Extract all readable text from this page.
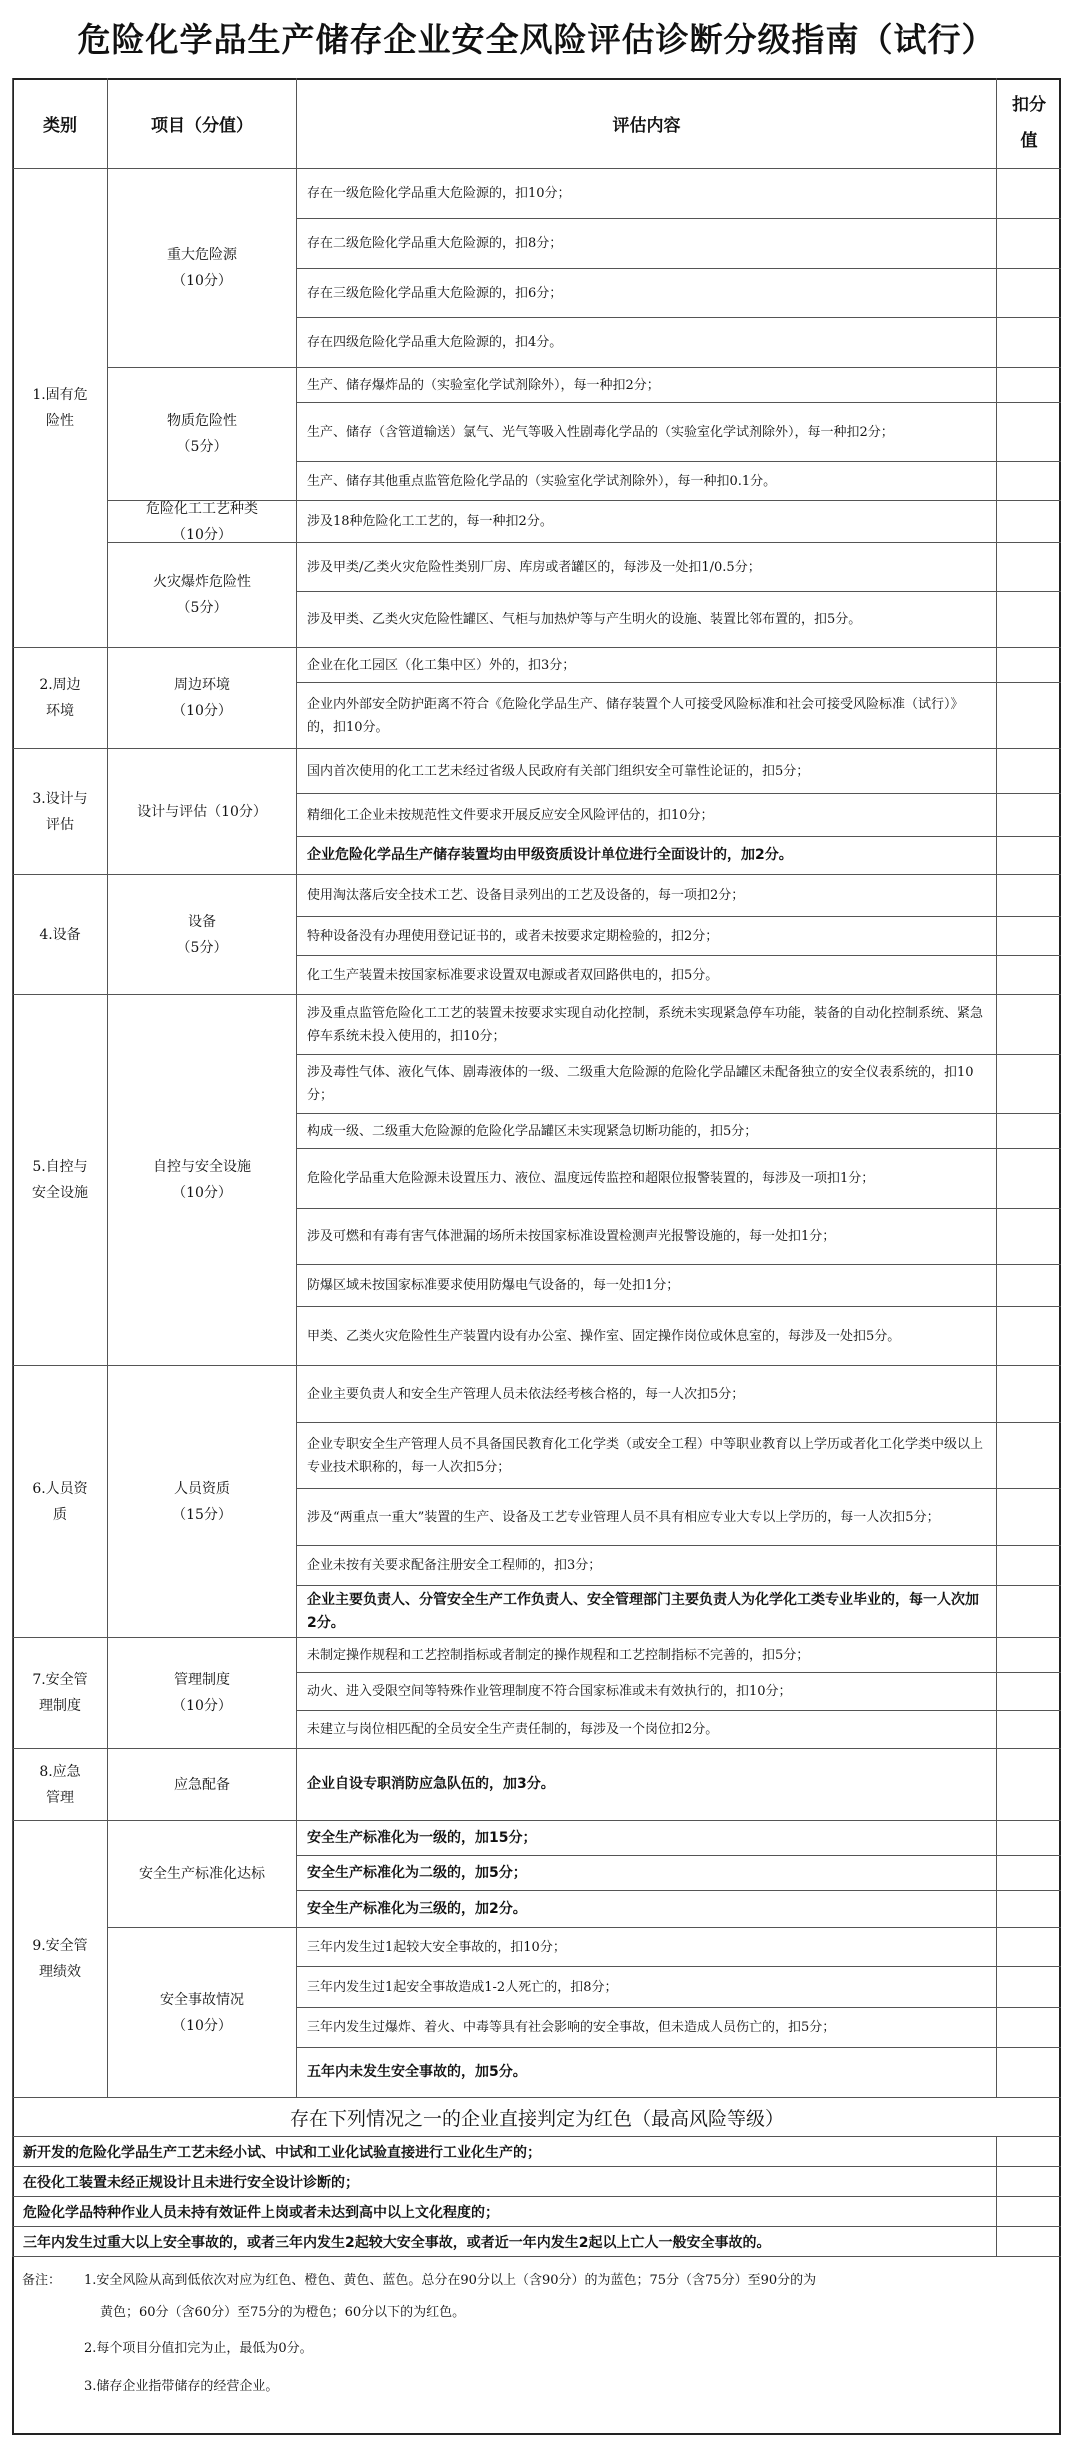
危险化学品生产储存企业安全风险评估诊断分级指南（试行）
类别	项目（分值）	评估内容
扣分
值
存在一级危险化学品重大危险源的，扣10分；
存在二级危险化学品重大危险源的，扣8分；
存在三级危险化学品重大危险源的，扣6分；
存在四级危险化学品重大危险源的，扣4分。
生产、储存爆炸品的（实验室化学试剂除外），每一种扣2分；
生产、储存（含管道输送）氯气、光气等吸入性剧毒化学品的（实验室化学试剂除外），每一种扣2分；
生产、储存其他重点监管危险化学品的（实验室化学试剂除外），每一种扣0.1分。
涉及18种危险化工工艺的，每一种扣2分。
涉及甲类/乙类火灾危险性类别厂房、库房或者罐区的，每涉及一处扣1/0.5分；
涉及甲类、乙类火灾危险性罐区、气柜与加热炉等与产生明火的设施、装置比邻布置的，扣5分。
企业在化工园区（化工集中区）外的，扣3分；
企业内外部安全防护距离不符合《危险化学品生产、储存装置个人可接受风险标准和社会可接受风险标准（试行）》的，扣10分。
国内首次使用的化工工艺未经过省级人民政府有关部门组织安全可靠性论证的，扣5分；
精细化工企业未按规范性文件要求开展反应安全风险评估的，扣10分；
企业危险化学品生产储存装置均由甲级资质设计单位进行全面设计的，加2分。
使用淘汰落后安全技术工艺、设备目录列出的工艺及设备的，每一项扣2分；
特种设备没有办理使用登记证书的，或者未按要求定期检验的，扣2分；
化工生产装置未按国家标准要求设置双电源或者双回路供电的，扣5分。
涉及重点监管危险化工工艺的装置未按要求实现自动化控制，系统未实现紧急停车功能，装备的自动化控制系统、紧急停车系统未投入使用的，扣10分；
涉及毒性气体、液化气体、剧毒液体的一级、二级重大危险源的危险化学品罐区未配备独立的安全仪表系统的，扣10分；
构成一级、二级重大危险源的危险化学品罐区未实现紧急切断功能的，扣5分；
危险化学品重大危险源未设置压力、液位、温度远传监控和超限位报警装置的，每涉及一项扣1分；
涉及可燃和有毒有害气体泄漏的场所未按国家标准设置检测声光报警设施的，每一处扣1分；
防爆区域未按国家标准要求使用防爆电气设备的，每一处扣1分；
甲类、乙类火灾危险性生产装置内设有办公室、操作室、固定操作岗位或休息室的，每涉及一处扣5分。
企业主要负责人和安全生产管理人员未依法经考核合格的，每一人次扣5分；
企业专职安全生产管理人员不具备国民教育化工化学类（或安全工程）中等职业教育以上学历或者化工化学类中级以上专业技术职称的，每一人次扣5分；
涉及“两重点一重大”装置的生产、设备及工艺专业管理人员不具有相应专业大专以上学历的，每一人次扣5分；
企业未按有关要求配备注册安全工程师的，扣3分；
企业主要负责人、分管安全生产工作负责人、安全管理部门主要负责人为化学化工类专业毕业的，每一人次加2分。
未制定操作规程和工艺控制指标或者制定的操作规程和工艺控制指标不完善的，扣5分；
动火、进入受限空间等特殊作业管理制度不符合国家标准或未有效执行的，扣10分；
未建立与岗位相匹配的全员安全生产责任制的，每涉及一个岗位扣2分。
企业自设专职消防应急队伍的，加3分。
安全生产标准化为一级的，加15分；
安全生产标准化为二级的，加5分；
安全生产标准化为三级的，加2分。
三年内发生过1起较大安全事故的，扣10分；
三年内发生过1起安全事故造成1-2人死亡的，扣8分；
三年内发生过爆炸、着火、中毒等具有社会影响的安全事故，但未造成人员伤亡的，扣5分；
五年内未发生安全事故的，加5分。
重大危险源
（10分）
物质危险性
（5分）
危险化工工艺种类
（10分）
火灾爆炸危险性
（5分）
周边环境
（10分）
设计与评估（10分）
设备
（5分）
自控与安全设施
（10分）
人员资质
（15分）
管理制度
（10分）
应急配备
安全生产标准化达标
安全事故情况
（10分）
1.固有危
险性
2.周边
环境
3.设计与
评估
4.设备
5.自控与
安全设施
6.人员资
质
7.安全管
理制度
8.应急
管理
9.安全管
理绩效
存在下列情况之一的企业直接判定为红色（最高风险等级）
新开发的危险化学品生产工艺未经小试、中试和工业化试验直接进行工业化生产的；
在役化工装置未经正规设计且未进行安全设计诊断的；
危险化学品特种作业人员未持有效证件上岗或者未达到高中以上文化程度的；
三年内发生过重大以上安全事故的，或者三年内发生2起较大安全事故，或者近一年内发生2起以上亡人一般安全事故的。
备注： 1.安全风险从高到低依次对应为红色、橙色、黄色、蓝色。总分在90分以上（含90分）的为蓝色；75分（含75分）至90分的为
黄色；60分（含60分）至75分的为橙色；60分以下的为红色。
2.每个项目分值扣完为止，最低为0分。
3.储存企业指带储存的经营企业。
